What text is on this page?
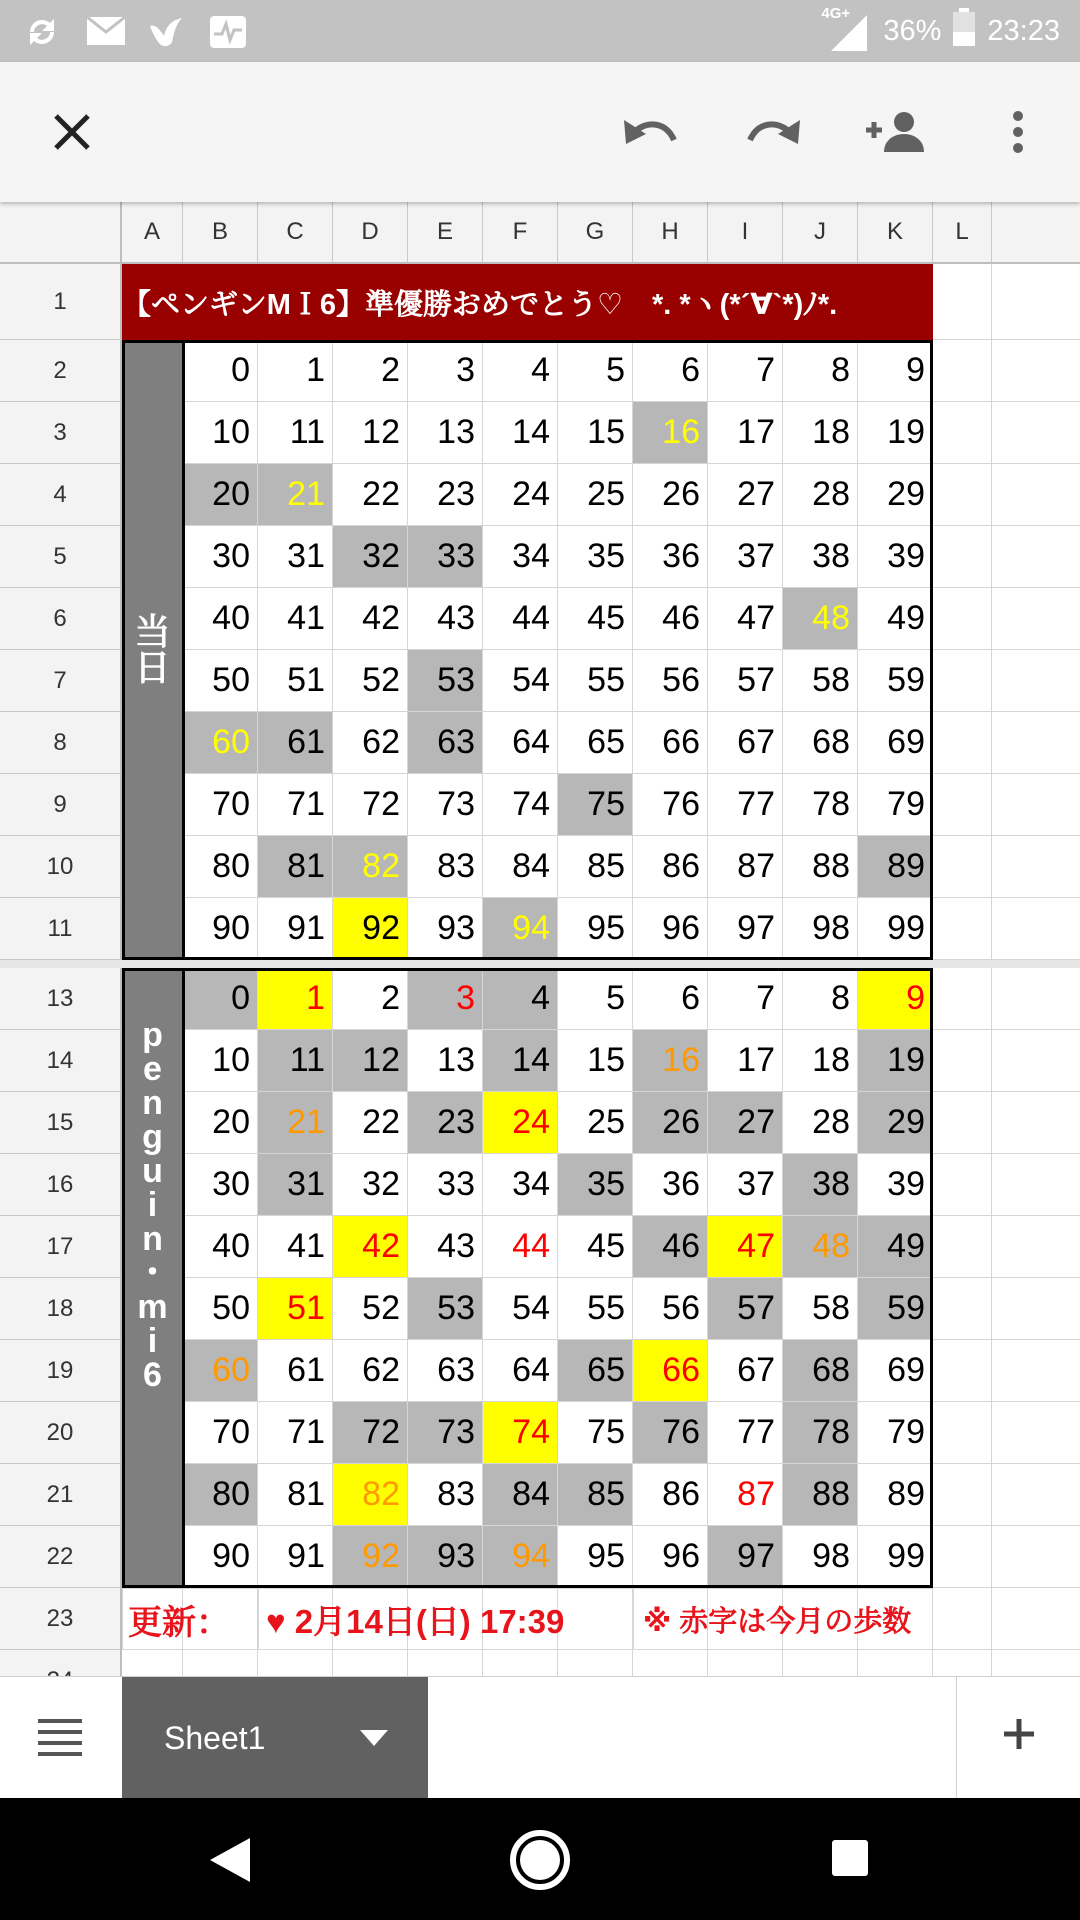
4G+
36% 23:23
A	B	C	D	E	F	G	H	I	J	K	L
1
2
3
4
5
6
7
8
9
10
11
13
14
15
16
17
18
19
20
21
22
23
【ペンギンMＩ6】準優勝おめでとう♡　*. *ヽ(*´∀`*)ﾉ*.
0	1	2	3	4	5	6	7	8	9
10	11	12	13	14	15	16	17	18	19
20	21	22	23	24	25	26	27	28	29
30	31	32	33	34	35	36	37	38	39
40	41	42	43	44	45	46	47	48	49
50	51	52	53	54	55	56	57	58	59
60	61	62	63	64	65	66	67	68	69
70	71	72	73	74	75	76	77	78	79
80	81	82	83	84	85	86	87	88	89
90	91	92	93	94	95	96	97	98	99
当
日
0	1	2	3	4	5	6	7	8	9
10	11	12	13	14	15	16	17	18	19
20	21	22	23	24	25	26	27	28	29
30	31	32	33	34	35	36	37	38	39
40	41	42	43	44	45	46	47	48	49
50	51	52	53	54	55	56	57	58	59
60	61	62	63	64	65	66	67	68	69
70	71	72	73	74	75	76	77	78	79
80	81	82	83	84	85	86	87	88	89
90	91	92	93	94	95	96	97	98	99
p
e
n
g
u
i
n
・
m
i
6
更新： ♥ 2月14日(日) 17:39	※ 赤字は今月の歩数
Sheet1
